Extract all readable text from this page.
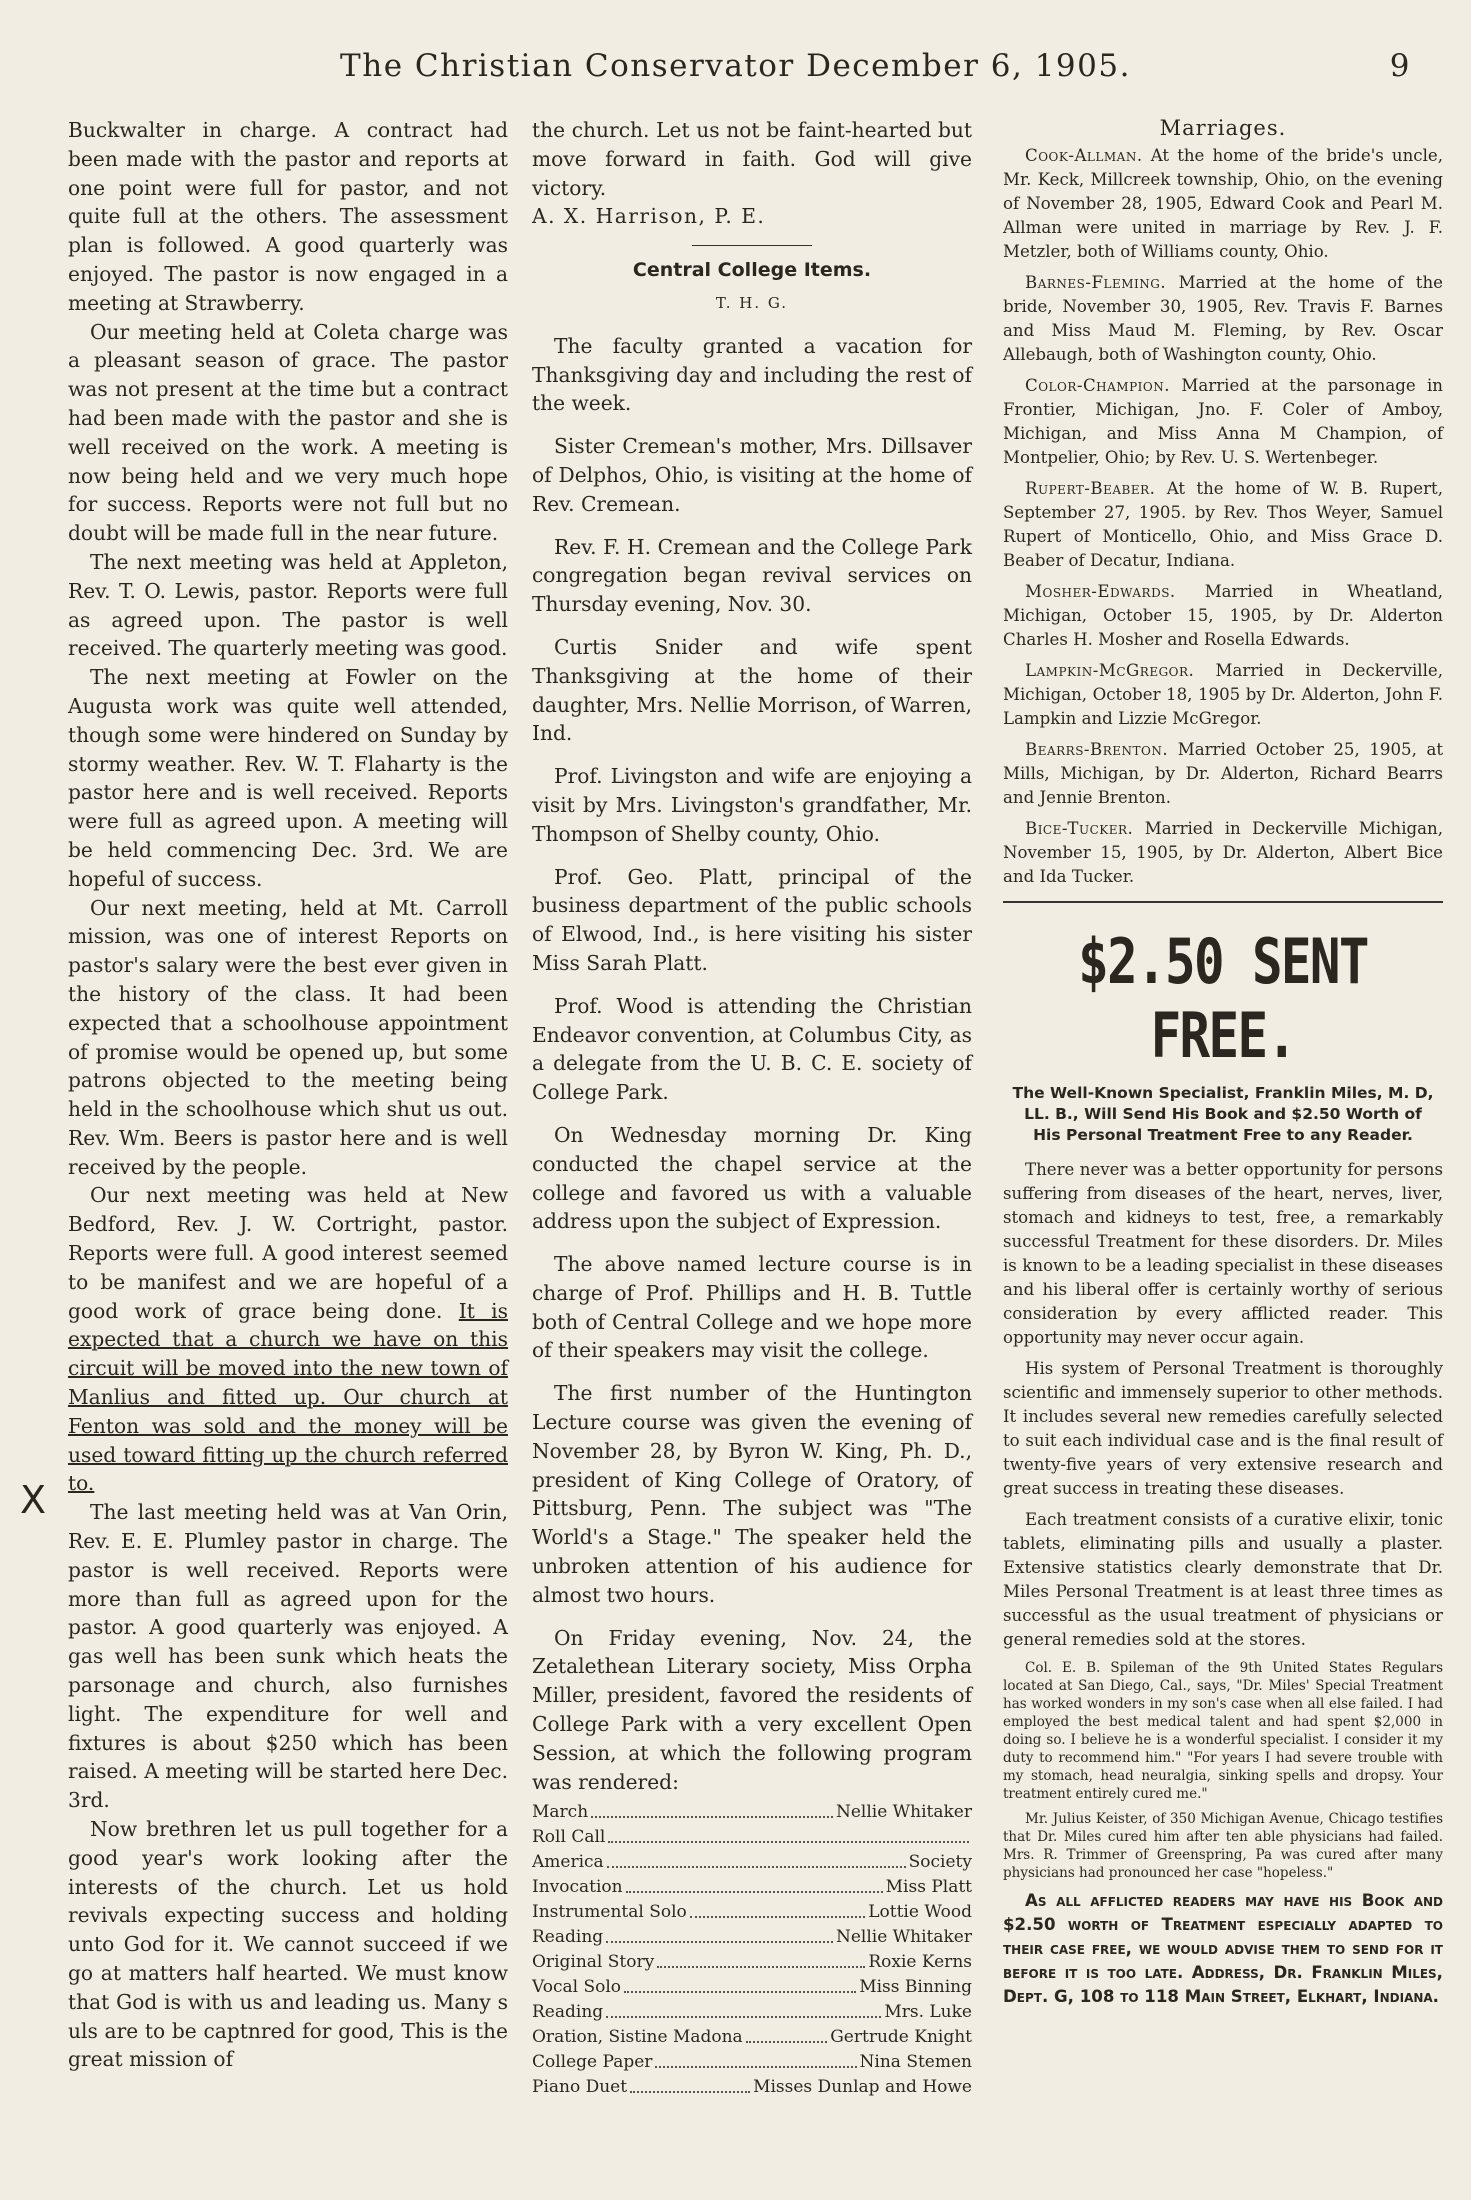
The Christian Conservator December 6, 1905.	9
X

Buckwalter in charge. A contract had been made with the pastor and reports at one point were full for pastor, and not quite full at the others. The assessment plan is followed. A good quarterly was enjoyed. The pastor is now engaged in a meeting at Strawberry.

Our meeting held at Coleta charge was a pleasant season of grace. The pastor was not present at the time but a contract had been made with the pastor and she is well received on the work. A meeting is now being held and we very much hope for success. Reports were not full but no doubt will be made full in the near future.

The next meeting was held at Appleton, Rev. T. O. Lewis, pastor. Reports were full as agreed upon. The pastor is well received. The quarterly meeting was good.

The next meeting at Fowler on the Augusta work was quite well attended, though some were hindered on Sunday by stormy weather. Rev. W. T. Flaharty is the pastor here and is well received. Reports were full as agreed upon. A meeting will be held commencing Dec. 3rd. We are hopeful of success.

Our next meeting, held at Mt. Carroll mission, was one of interest Reports on pastor's salary were the best ever given in the history of the class. It had been expected that a schoolhouse appointment of promise would be opened up, but some patrons objected to the meeting being held in the schoolhouse which shut us out. Rev. Wm. Beers is pastor here and is well received by the people.

Our next meeting was held at New Bedford, Rev. J. W. Cortright, pastor. Reports were full. A good interest seemed to be manifest and we are hopeful of a good work of grace being done. It is expected that a church we have on this circuit will be moved into the new town of Manlius and fitted up. Our church at Fenton was sold and the money will be used toward fitting up the church referred to.

The last meeting held was at Van Orin, Rev. E. E. Plumley pastor in charge. The pastor is well received. Reports were more than full as agreed upon for the pastor. A good quarterly was enjoyed. A gas well has been sunk which heats the parsonage and church, also furnishes light. The expenditure for well and fixtures is about $250 which has been raised. A meeting will be started here Dec. 3rd.

Now brethren let us pull together for a good year's work looking after the interests of the church. Let us hold revivals expecting success and holding unto God for it. We cannot succeed if we go at matters half hearted. We must know that God is with us and leading us. Many s uls are to be captnred for good, This is the great mission of

the church. Let us not be faint-hearted but move forward in faith. God will give victory.

A. X. Harrison, P. E.

Central College Items.
T. H. G.

The faculty granted a vacation for Thanksgiving day and including the rest of the week.

Sister Cremean's mother, Mrs. Dillsaver of Delphos, Ohio, is visiting at the home of Rev. Cremean.

Rev. F. H. Cremean and the College Park congregation began revival services on Thursday evening, Nov. 30.

Curtis Snider and wife spent Thanksgiving at the home of their daughter, Mrs. Nellie Morrison, of Warren, Ind.

Prof. Livingston and wife are enjoying a visit by Mrs. Livingston's grandfather, Mr. Thompson of Shelby county, Ohio.

Prof. Geo. Platt, principal of the business department of the public schools of Elwood, Ind., is here visiting his sister Miss Sarah Platt.

Prof. Wood is attending the Christian Endeavor convention, at Columbus City, as a delegate from the U. B. C. E. society of College Park.

On Wednesday morning Dr. King conducted the chapel service at the college and favored us with a valuable address upon the subject of Expression.

The above named lecture course is in charge of Prof. Phillips and H. B. Tuttle both of Central College and we hope more of their speakers may visit the college.

The first number of the Huntington Lecture course was given the evening of November 28, by Byron W. King, Ph. D., president of King College of Oratory, of Pittsburg, Penn. The subject was "The World's a Stage." The speaker held the unbroken attention of his audience for almost two hours.

On Friday evening, Nov. 24, the Zetalethean Literary society, Miss Orpha Miller, president, favored the residents of College Park with a very excellent Open Session, at which the following program was rendered:

March	Nellie Whitaker
Roll Call
America	Society
Invocation	Miss Platt
Instrumental Solo	Lottie Wood
Reading	Nellie Whitaker
Original Story	Roxie Kerns
Vocal Solo	Miss Binning
Reading	Mrs. Luke
Oration, Sistine Madona	Gertrude Knight
College Paper	Nina Stemen
Piano Duet	Misses Dunlap and Howe
Marriages.

Cook-Allman. At the home of the bride's uncle, Mr. Keck, Millcreek township, Ohio, on the evening of November 28, 1905, Edward Cook and Pearl M. Allman were united in marriage by Rev. J. F. Metzler, both of Williams county, Ohio.

Barnes-Fleming. Married at the home of the bride, November 30, 1905, Rev. Travis F. Barnes and Miss Maud M. Fleming, by Rev. Oscar Allebaugh, both of Washington county, Ohio.

Color-Champion. Married at the parsonage in Frontier, Michigan, Jno. F. Coler of Amboy, Michigan, and Miss Anna M Champion, of Montpelier, Ohio; by Rev. U. S. Wertenbeger.

Rupert-Beaber. At the home of W. B. Rupert, September 27, 1905. by Rev. Thos Weyer, Samuel Rupert of Monticello, Ohio, and Miss Grace D. Beaber of Decatur, Indiana.

Mosher-Edwards. Married in Wheatland, Michigan, October 15, 1905, by Dr. Alderton Charles H. Mosher and Rosella Edwards.

Lampkin-McGregor. Married in Deckerville, Michigan, October 18, 1905 by Dr. Alderton, John F. Lampkin and Lizzie McGregor.

Bearrs-Brenton. Married October 25, 1905, at Mills, Michigan, by Dr. Alderton, Richard Bearrs and Jennie Brenton.

Bice-Tucker. Married in Deckerville Michigan, November 15, 1905, by Dr. Alderton, Albert Bice and Ida Tucker.

$2.50 SENT FREE.
The Well-Known Specialist, Franklin Miles, M. D, LL. B., Will Send His Book and $2.50 Worth of His Personal Treatment Free to any Reader.

There never was a better opportunity for persons suffering from diseases of the heart, nerves, liver, stomach and kidneys to test, free, a remarkably successful Treatment for these disorders. Dr. Miles is known to be a leading specialist in these diseases and his liberal offer is certainly worthy of serious consideration by every afflicted reader. This opportunity may never occur again.

His system of Personal Treatment is thoroughly scientific and immensely superior to other methods. It includes several new remedies carefully selected to suit each individual case and is the final result of twenty-five years of very extensive research and great success in treating these diseases.

Each treatment consists of a curative elixir, tonic tablets, eliminating pills and usually a plaster. Extensive statistics clearly demonstrate that Dr. Miles Personal Treatment is at least three times as successful as the usual treatment of physicians or general remedies sold at the stores.

Col. E. B. Spileman of the 9th United States Regulars located at San Diego, Cal., says, "Dr. Miles' Special Treatment has worked wonders in my son's case when all else failed. I had employed the best medical talent and had spent $2,000 in doing so. I believe he is a wonderful specialist. I consider it my duty to recommend him." "For years I had severe trouble with my stomach, head neuralgia, sinking spells and dropsy. Your treatment entirely cured me."

Mr. Julius Keister, of 350 Michigan Avenue, Chicago testifies that Dr. Miles cured him after ten able physicians had failed. Mrs. R. Trimmer of Greenspring, Pa was cured after many physicians had pronounced her case "hopeless."

As all afflicted readers may have his Book and $2.50 worth of Treatment especially adapted to their case free, we would advise them to send for it before it is too late. Address, Dr. Franklin Miles, Dept. G, 108 to 118 Main Street, Elkhart, Indiana.
